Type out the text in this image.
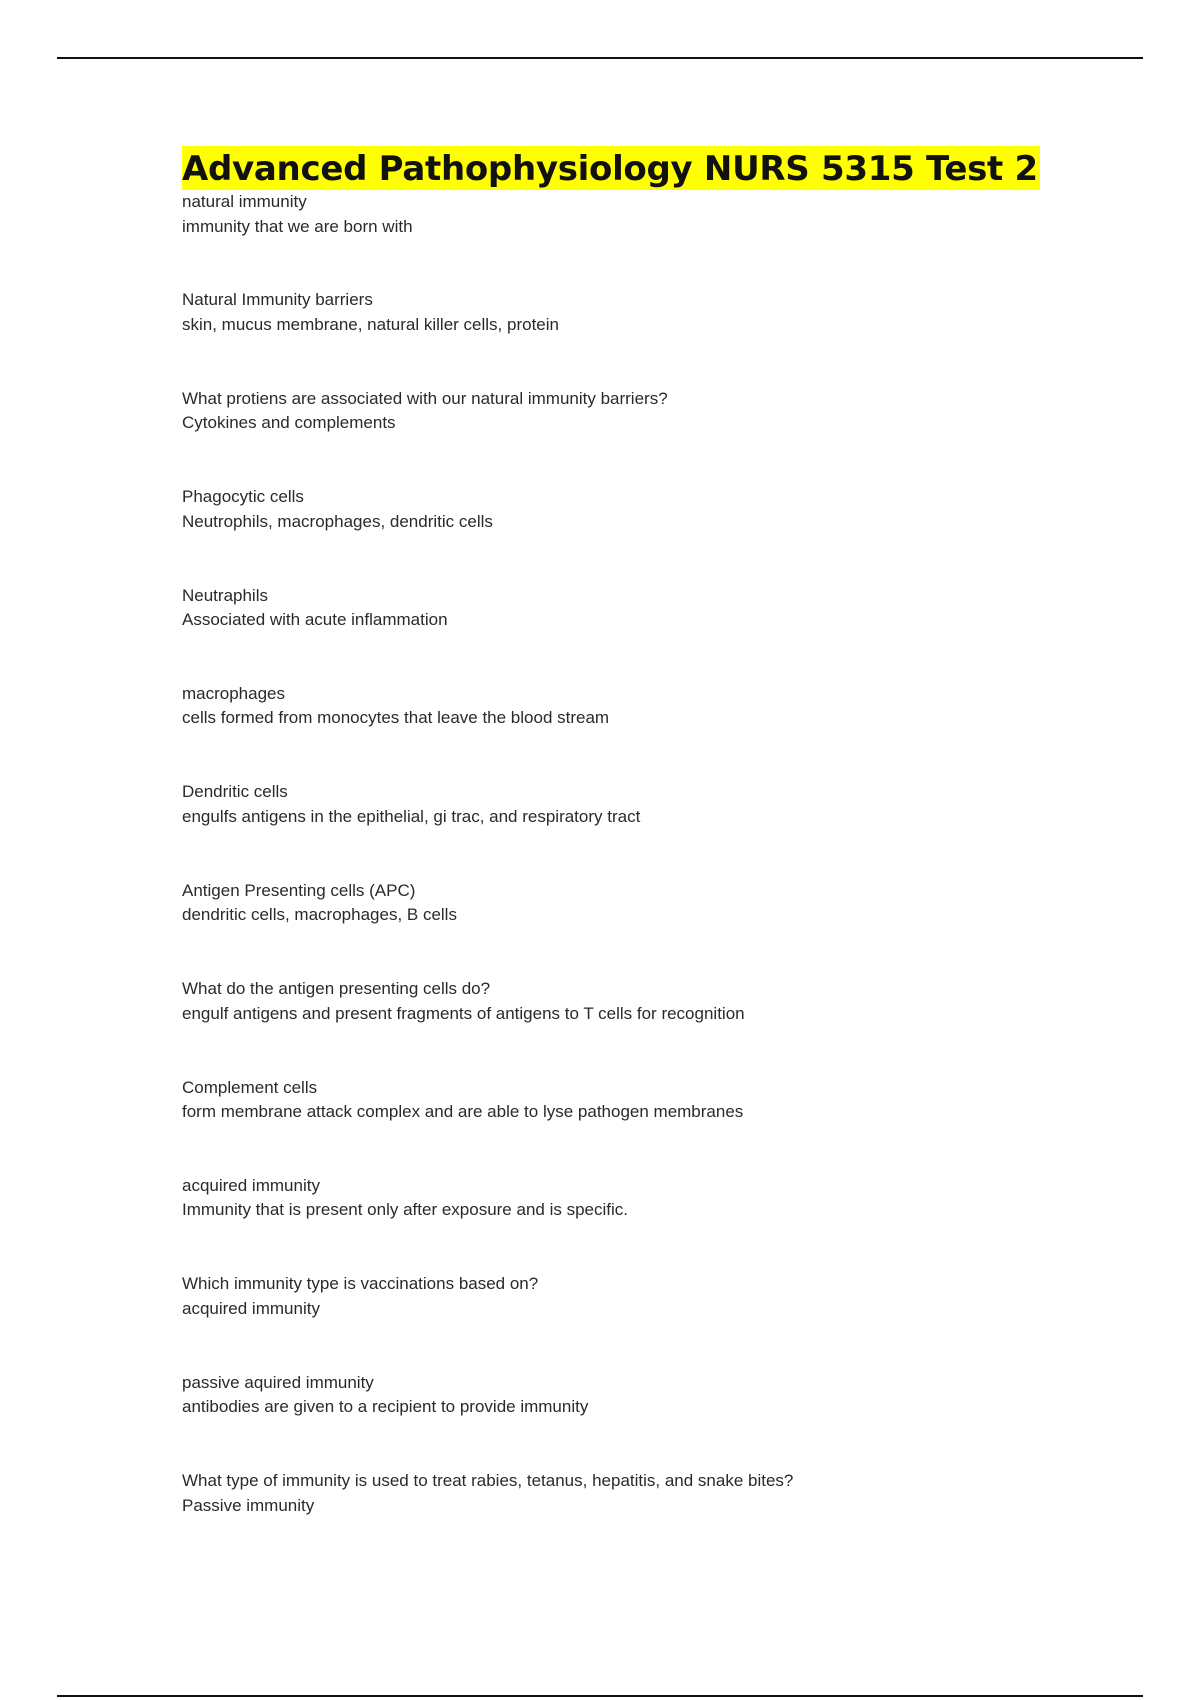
Advanced Pathophysiology NURS 5315 Test 2
natural immunity
immunity that we are born with
Natural Immunity barriers
skin, mucus membrane, natural killer cells, protein
What protiens are associated with our natural immunity barriers?
Cytokines and complements
Phagocytic cells
Neutrophils, macrophages, dendritic cells
Neutraphils
Associated with acute inflammation
macrophages
cells formed from monocytes that leave the blood stream
Dendritic cells
engulfs antigens in the epithelial, gi trac, and respiratory tract
Antigen Presenting cells (APC)
dendritic cells, macrophages, B cells
What do the antigen presenting cells do?
engulf antigens and present fragments of antigens to T cells for recognition
Complement cells
form membrane attack complex and are able to lyse pathogen membranes
acquired immunity
Immunity that is present only after exposure and is specific.
Which immunity type is vaccinations based on?
acquired immunity
passive aquired immunity
antibodies are given to a recipient to provide immunity
What type of immunity is used to treat rabies, tetanus, hepatitis, and snake bites?
Passive immunity
